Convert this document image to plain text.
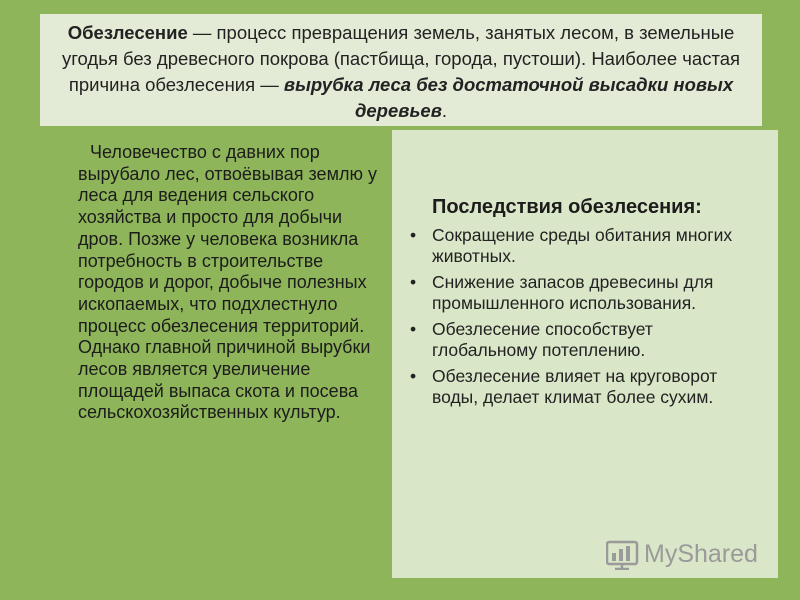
Обезлесение — процесс превращения земель, занятых лесом, в земельные угодья без древесного покрова (пастбища, города, пустоши). Наиболее частая причина обезлесения — вырубка леса без достаточной высадки новых деревьев.
Человечество с давних пор вырубало лес, отвоёвывая землю у леса для ведения сельского хозяйства и просто для добычи дров. Позже у человека возникла потребность в строительстве городов и дорог, добыче полезных ископаемых, что подхлестнуло процесс обезлесения территорий. Однако главной причиной вырубки лесов является увеличение площадей выпаса скота и посева сельскохозяйственных культур.
Последствия обезлесения:
• Сокращение среды обитания многих животных.
• Снижение запасов древесины для промышленного использования.
• Обезлесение способствует глобальному потеплению.
• Обезлесение влияет на круговорот воды, делает климат более сухим.
MyShared
